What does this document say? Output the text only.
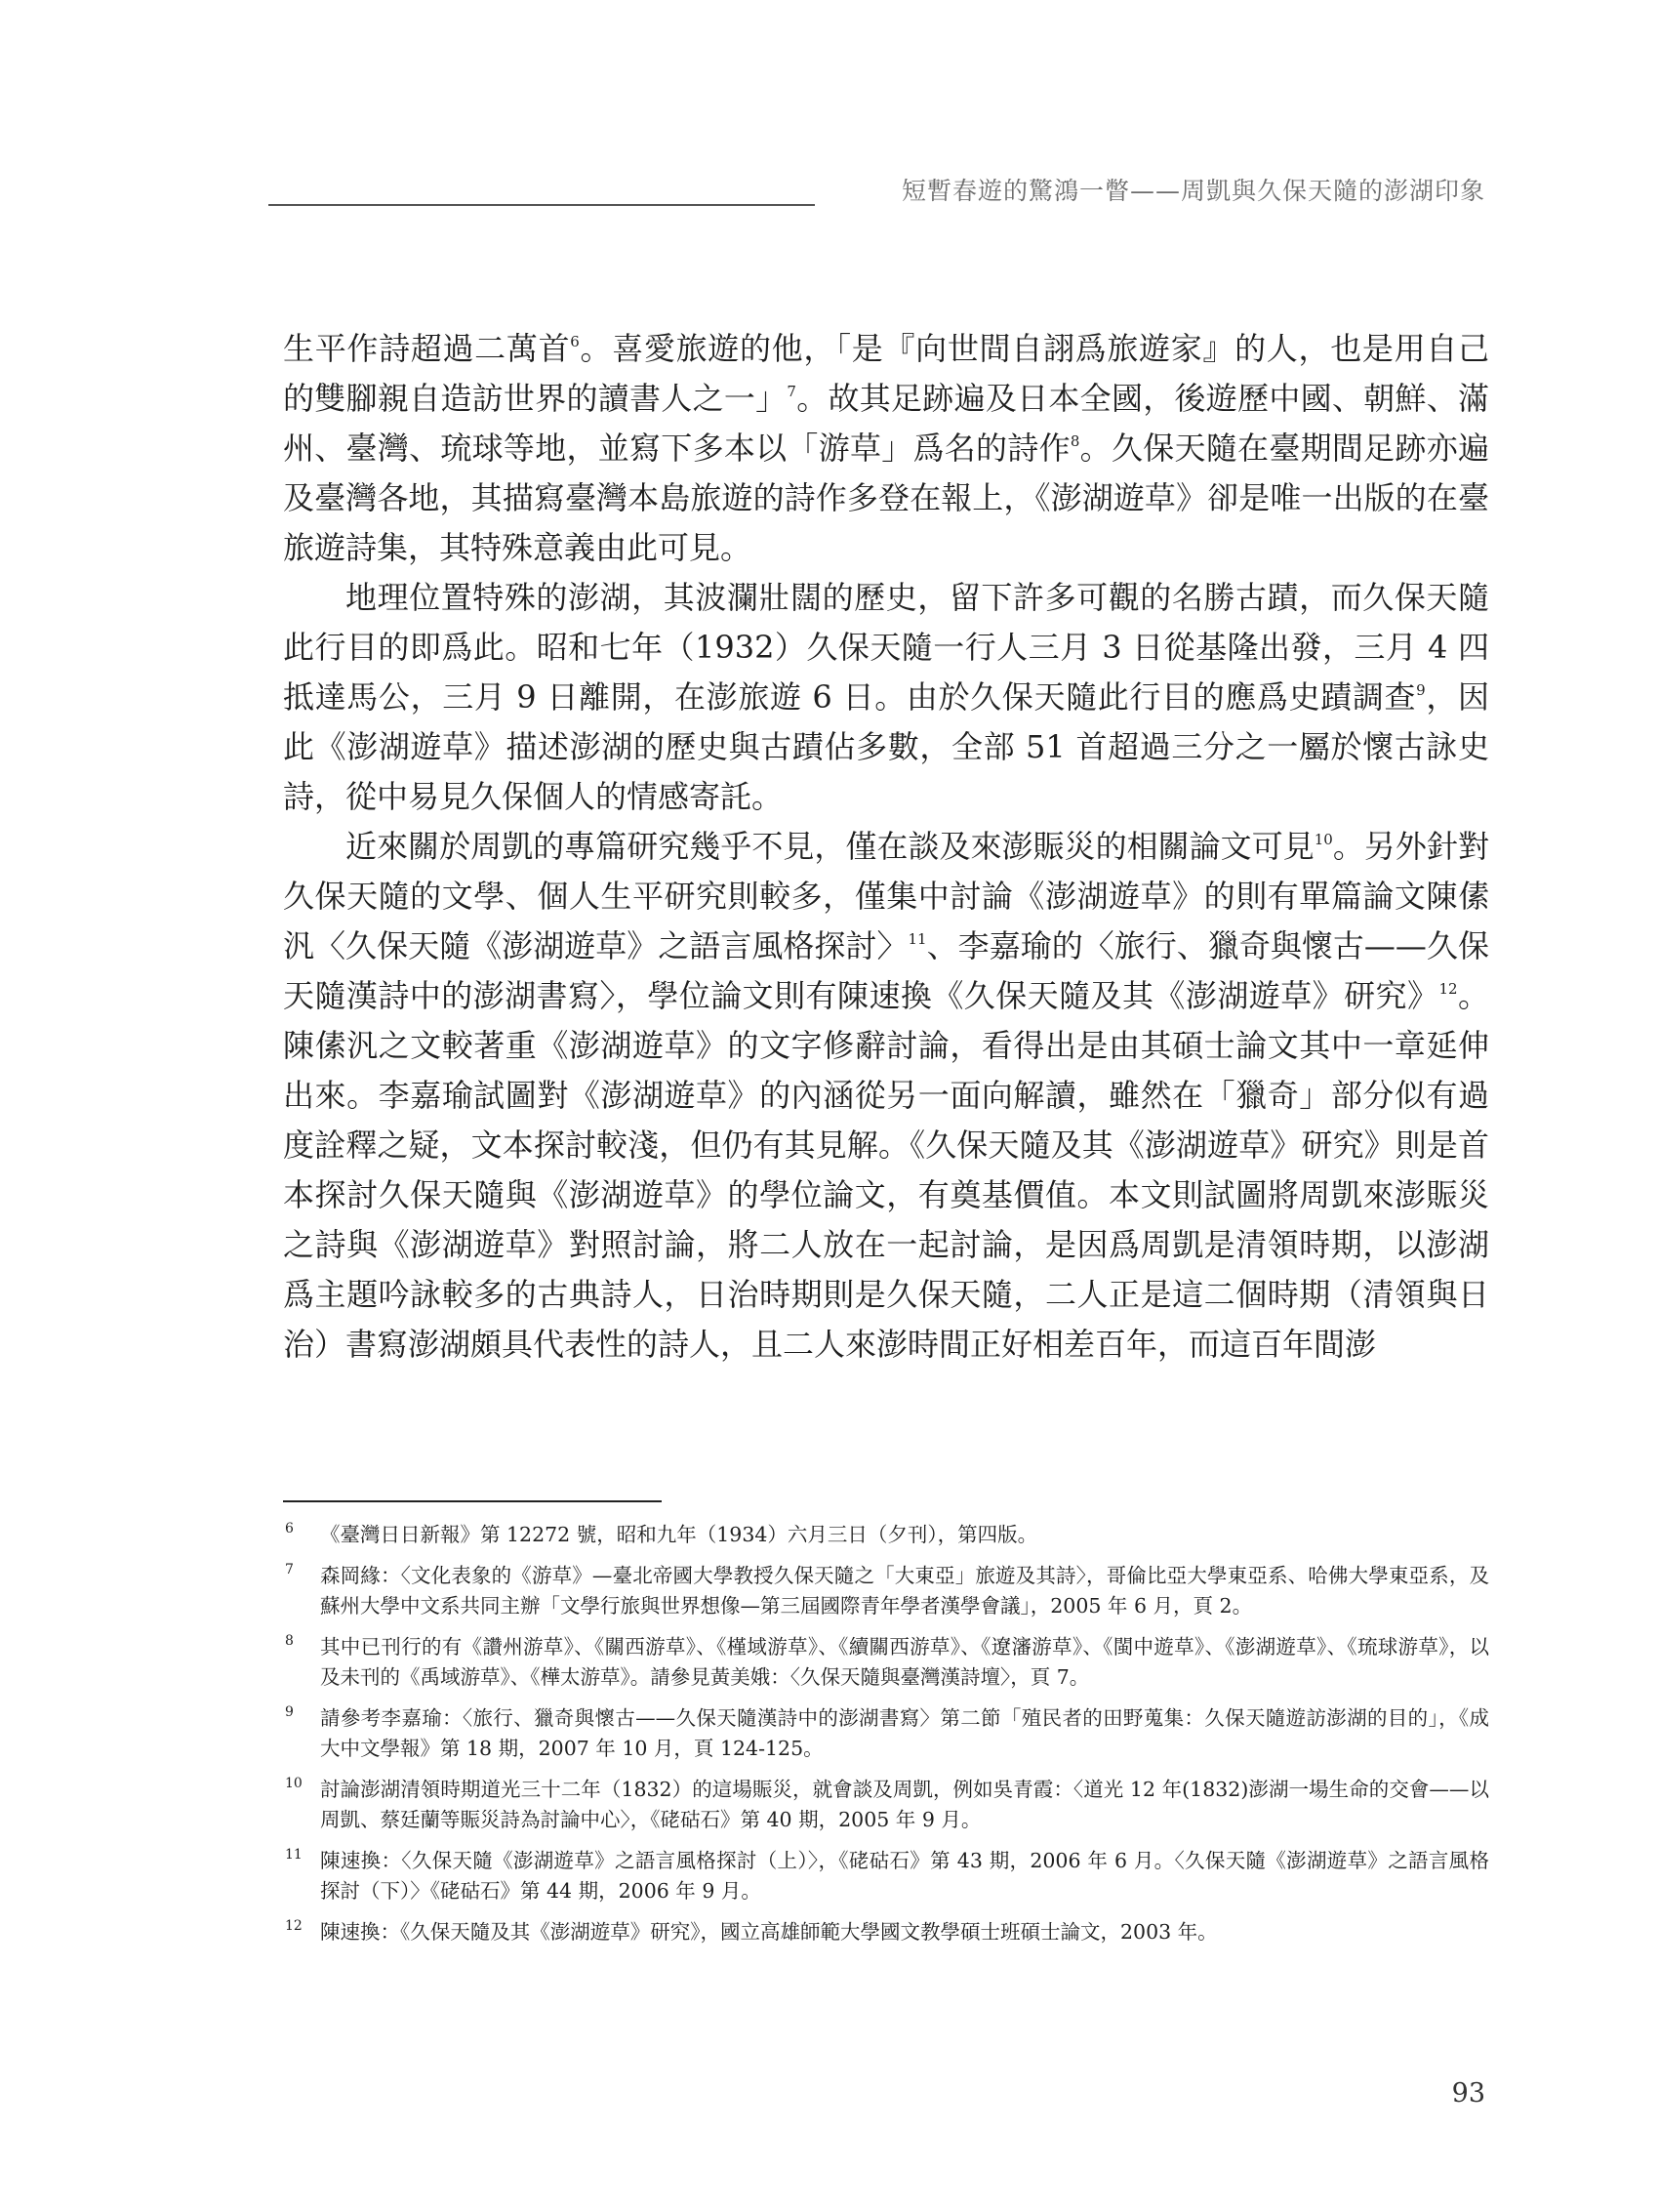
短暫春遊的驚鴻一瞥——周凱與久保天隨的澎湖印象

生平作詩超過二萬首$^6$。喜愛旅遊的他，「是『向世間自詡爲旅遊家』的人，也是用自己的雙腳親自造訪世界的讀書人之一」$^7$。故其足跡遍及日本全國，後遊歷中國、朝鮮、滿州、臺灣、琉球等地，並寫下多本以「游草」爲名的詩作$^8$。久保天隨在臺期間足跡亦遍及臺灣各地，其描寫臺灣本島旅遊的詩作多登在報上，《澎湖遊草》卻是唯一出版的在臺旅遊詩集，其特殊意義由此可見。

地理位置特殊的澎湖，其波瀾壯闊的歷史，留下許多可觀的名勝古蹟，而久保天隨此行目的即爲此。昭和七年（1932）久保天隨一行人三月 3 日從基隆出發，三月 4 四抵達馬公，三月 9 日離開，在澎旅遊 6 日。由於久保天隨此行目的應爲史蹟調查$^9$，因此《澎湖遊草》描述澎湖的歷史與古蹟佔多數，全部 51 首超過三分之一屬於懷古詠史詩，從中易見久保個人的情感寄託。

近來關於周凱的專篇研究幾乎不見，僅在談及來澎賑災的相關論文可見$^{10}$。另外針對久保天隨的文學、個人生平研究則較多，僅集中討論《澎湖遊草》的則有單篇論文陳傃汎〈久保天隨《澎湖遊草》之語言風格探討〉$^{11}$、李嘉瑜的〈旅行、獵奇與懷古——久保天隨漢詩中的澎湖書寫〉，學位論文則有陳速換《久保天隨及其《澎湖遊草》研究》$^{12}$。陳傃汎之文較著重《澎湖遊草》的文字修辭討論，看得出是由其碩士論文其中一章延伸出來。李嘉瑜試圖對《澎湖遊草》的內涵從另一面向解讀，雖然在「獵奇」部分似有過度詮釋之疑，文本探討較淺，但仍有其見解。《久保天隨及其《澎湖遊草》研究》則是首本探討久保天隨與《澎湖遊草》的學位論文，有奠基價值。本文則試圖將周凱來澎賑災之詩與《澎湖遊草》對照討論，將二人放在一起討論，是因爲周凱是清領時期，以澎湖爲主題吟詠較多的古典詩人，日治時期則是久保天隨，二人正是這二個時期（清領與日治）書寫澎湖頗具代表性的詩人，且二人來澎時間正好相差百年，而這百年間澎

6 《臺灣日日新報》第 12272 號，昭和九年（1934）六月三日（夕刊），第四版。
7 森岡緣：〈文化表象的《游草》—臺北帝國大學教授久保天隨之「大東亞」旅遊及其詩〉，哥倫比亞大學東亞系、哈佛大學東亞系，及蘇州大學中文系共同主辦「文學行旅與世界想像—第三屆國際青年學者漢學會議」，2005 年 6 月，頁 2。
8 其中已刊行的有《讚州游草》、《關西游草》、《槿域游草》、《續關西游草》、《遼瀋游草》、《閩中遊草》、《澎湖遊草》、《琉球游草》，以及未刊的《禹域游草》、《樺太游草》。請參見黃美娥：〈久保天隨與臺灣漢詩壇〉，頁 7。
9 請參考李嘉瑜：〈旅行、獵奇與懷古——久保天隨漢詩中的澎湖書寫〉第二節「殖民者的田野蒐集：久保天隨遊訪澎湖的目的」，《成大中文學報》第 18 期，2007 年 10 月，頁 124-125。
10 討論澎湖清領時期道光三十二年（1832）的這場賑災，就會談及周凱，例如吳青霞：〈道光 12 年(1832)澎湖一場生命的交會——以周凱、蔡廷蘭等賑災詩為討論中心〉，《硓𥑮石》第 40 期，2005 年 9 月。
11 陳速換：〈久保天隨《澎湖遊草》之語言風格探討（上）〉，《硓𥑮石》第 43 期，2006 年 6 月。〈久保天隨《澎湖遊草》之語言風格探討（下）〉《硓𥑮石》第 44 期，2006 年 9 月。
12 陳速換：《久保天隨及其《澎湖遊草》研究》，國立高雄師範大學國文教學碩士班碩士論文，2003 年。
93
